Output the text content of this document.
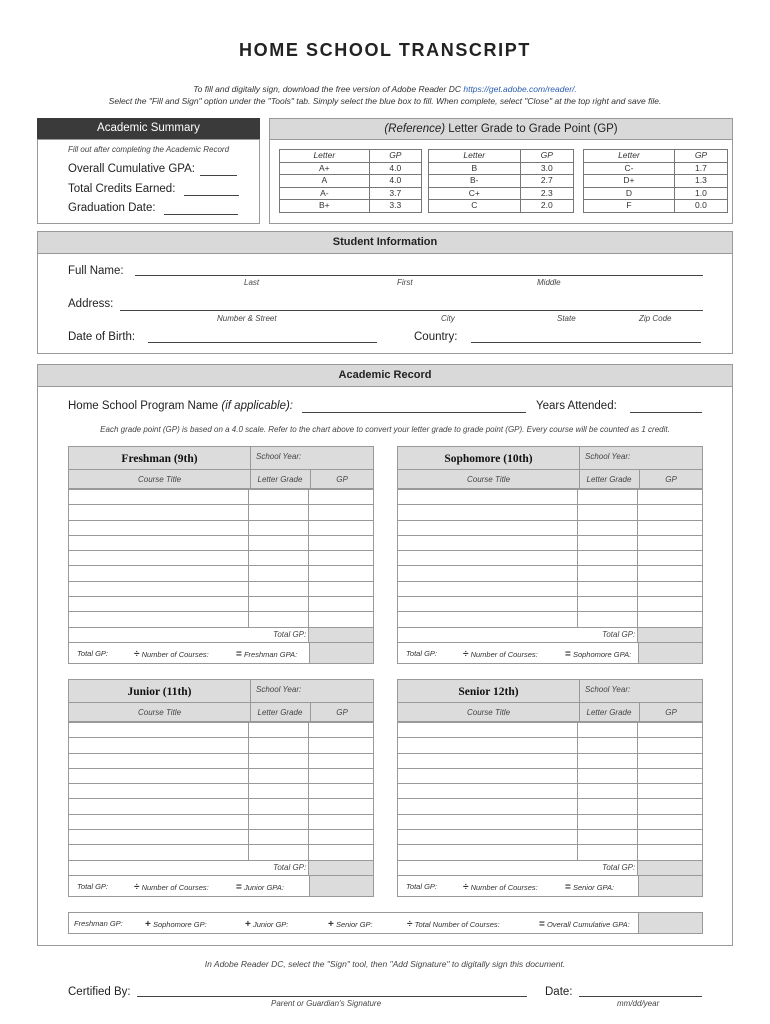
HOME SCHOOL TRANSCRIPT
To fill and digitally sign, download the free version of Adobe Reader DC https://get.adobe.com/reader/.
Select the "Fill and Sign" option under the "Tools" tab. Simply select the blue box to fill. When complete, select "Close" at the top right and save file.
Academic Summary
Fill out after completing the Academic Record
Overall Cumulative GPA:
Total Credits Earned:
Graduation Date:
(Reference) Letter Grade to Grade Point (GP)
Letter	GP
A+	4.0
A	4.0
A-	3.7
B+	3.3
Letter	GP
B	3.0
B-	2.7
C+	2.3
C	2.0
Letter	GP
C-	1.7
D+	1.3
D	1.0
F	0.0
Student Information
Full Name:
Last	First	Middle
Address:
Number & Street	City	State	Zip Code
Date of Birth:	Country:
Academic Record
Home School Program Name (if applicable):	Years Attended:
Each grade point (GP) is based on a 4.0 scale. Refer to the chart above to convert your letter grade to grade point (GP). Every course will be counted as 1 credit.
Freshman (9th)	School Year:
Course Title	Letter Grade	GP

	Total GP:	
Total GP:	÷ Number of Courses:	= Freshman GPA:
Sophomore (10th)	School Year:
Course Title	Letter Grade	GP

	Total GP:	
Total GP:	÷ Number of Courses:	= Sophomore GPA:
Junior (11th)	School Year:
Course Title	Letter Grade	GP

	Total GP:	
Total GP:	÷ Number of Courses:	= Junior GPA:
Senior 12th)	School Year:
Course Title	Letter Grade	GP

	Total GP:	
Total GP:	÷ Number of Courses:	= Senior GPA:
Freshman GP: + Sophomore GP:	+ Junior GP:	+ Senior GP:	÷ Total Number of Courses:	= Overall Cumulative GPA:
In Adobe Reader DC, select the "Sign" tool, then "Add Signature" to digitally sign this document.
Certified By:
Parent or Guardian's Signature
Date:
mm/dd/year
